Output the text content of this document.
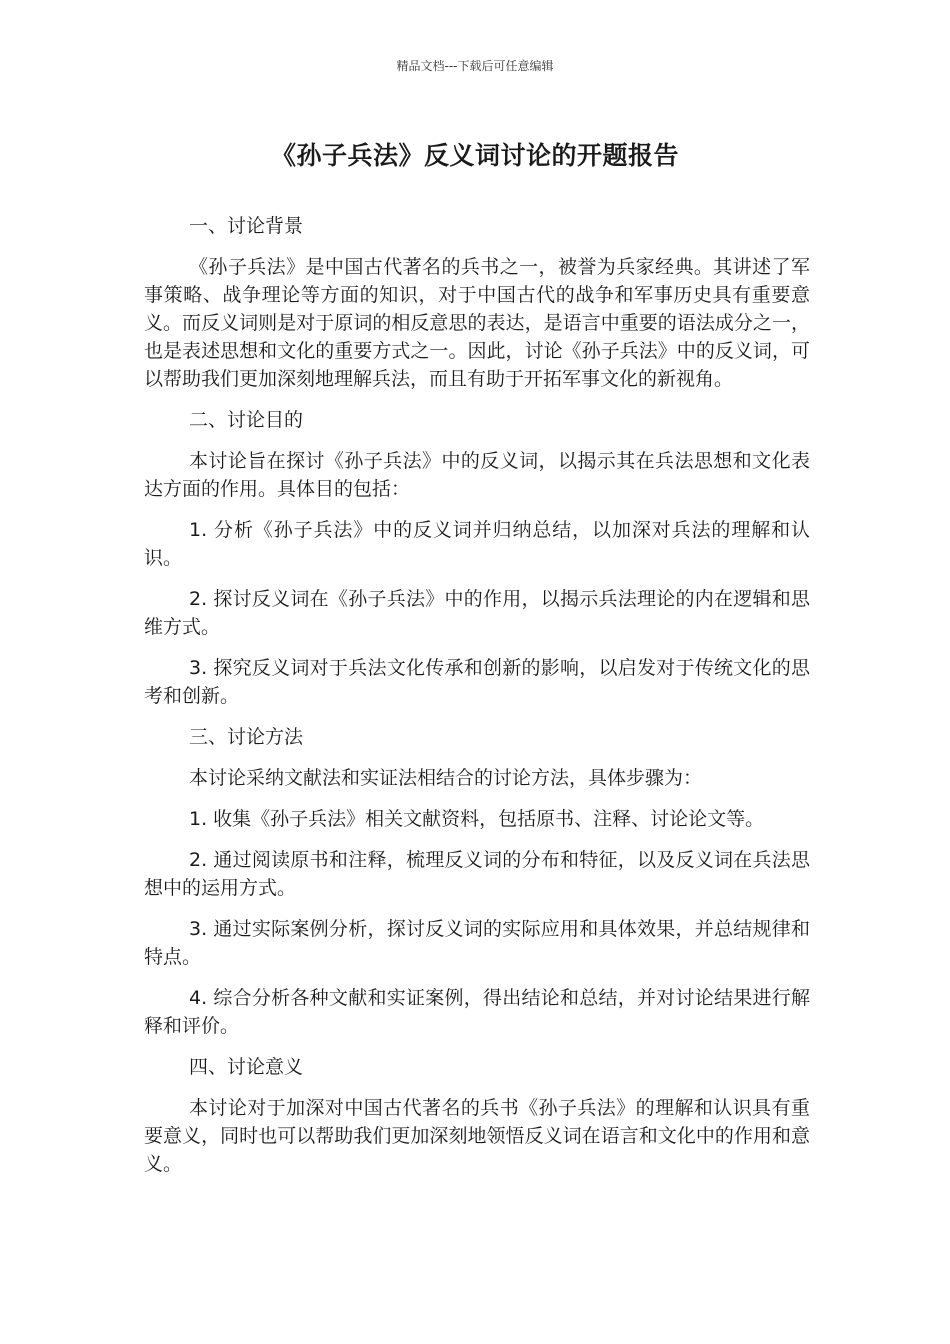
精品文档---下载后可任意编辑
《孙子兵法》反义词讨论的开题报告
一、讨论背景
《孙子兵法》是中国古代著名的兵书之一，被誉为兵家经典。其讲述了军事策略、战争理论等方面的知识，对于中国古代的战争和军事历史具有重要意义。而反义词则是对于原词的相反意思的表达，是语言中重要的语法成分之一，也是表述思想和文化的重要方式之一。因此，讨论《孙子兵法》中的反义词，可以帮助我们更加深刻地理解兵法，而且有助于开拓军事文化的新视角。
二、讨论目的
本讨论旨在探讨《孙子兵法》中的反义词，以揭示其在兵法思想和文化表达方面的作用。具体目的包括：
1. 分析《孙子兵法》中的反义词并归纳总结，以加深对兵法的理解和认识。
2. 探讨反义词在《孙子兵法》中的作用，以揭示兵法理论的内在逻辑和思维方式。
3. 探究反义词对于兵法文化传承和创新的影响，以启发对于传统文化的思考和创新。
三、讨论方法
本讨论采纳文献法和实证法相结合的讨论方法，具体步骤为：
1. 收集《孙子兵法》相关文献资料，包括原书、注释、讨论论文等。
2. 通过阅读原书和注释，梳理反义词的分布和特征，以及反义词在兵法思想中的运用方式。
3. 通过实际案例分析，探讨反义词的实际应用和具体效果，并总结规律和特点。
4. 综合分析各种文献和实证案例，得出结论和总结，并对讨论结果进行解释和评价。
四、讨论意义
本讨论对于加深对中国古代著名的兵书《孙子兵法》的理解和认识具有重要意义，同时也可以帮助我们更加深刻地领悟反义词在语言和文化中的作用和意义。
